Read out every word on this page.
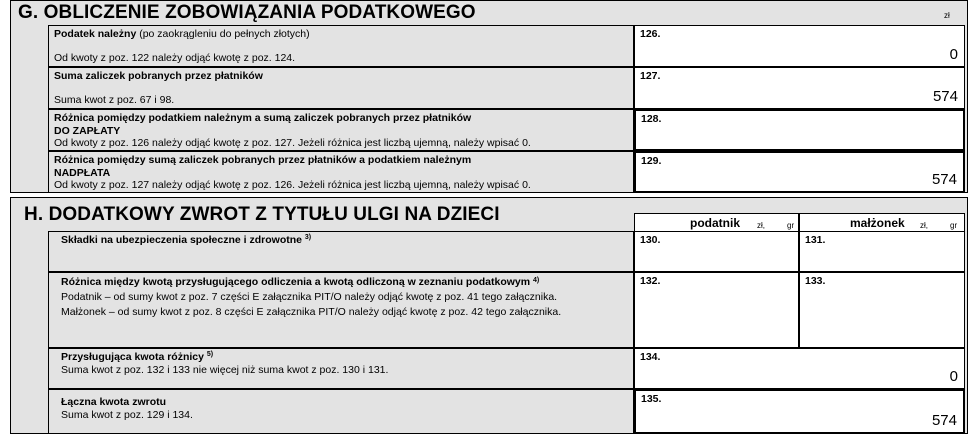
G. OBLICZENIE ZOBOWIĄZANIA PODATKOWEGO	zł
Podatek należny (po zaokrągleniu do pełnych złotych)
Od kwoty z poz. 122 należy odjąć kwotę z poz. 124.
126.
0
Suma zaliczek pobranych przez płatników
Suma kwot z poz. 67 i 98.
127.
574
Różnica pomiędzy podatkiem należnym a sumą zaliczek pobranych przez płatników
DO ZAPŁATY
Od kwoty z poz. 126 należy odjąć kwotę z poz. 127. Jeżeli różnica jest liczbą ujemną, należy wpisać 0.
128.
Różnica pomiędzy sumą zaliczek pobranych przez płatników a podatkiem należnym
NADPŁATA
Od kwoty z poz. 127 należy odjąć kwotę z poz. 126. Jeżeli różnica jest liczbą ujemną, należy wpisać 0.
129.
574
H. DODATKOWY ZWROT Z TYTUŁU ULGI NA DZIECI	podatnik zł,	gr	małżonek zł,	gr
Składki na ubezpieczenia społeczne i zdrowotne $^{3)}$	130.	131.
Różnica między kwotą przysługującego odliczenia a kwotą odliczoną w zeznaniu podatkowym $^{4)}$
Podatnik – od sumy kwot z poz. 7 części E załącznika PIT/O należy odjąć kwotę z poz. 41 tego załącznika.
Małżonek – od sumy kwot z poz. 8 części E załącznika PIT/O należy odjąć kwotę z poz. 42 tego załącznika.
132.	133.
Przysługująca kwota różnicy $^{5)}$
Suma kwot z poz. 132 i 133 nie więcej niż suma kwot z poz. 130 i 131.
134.
0
Łączna kwota zwrotu
Suma kwot z poz. 129 i 134.
135.
574
